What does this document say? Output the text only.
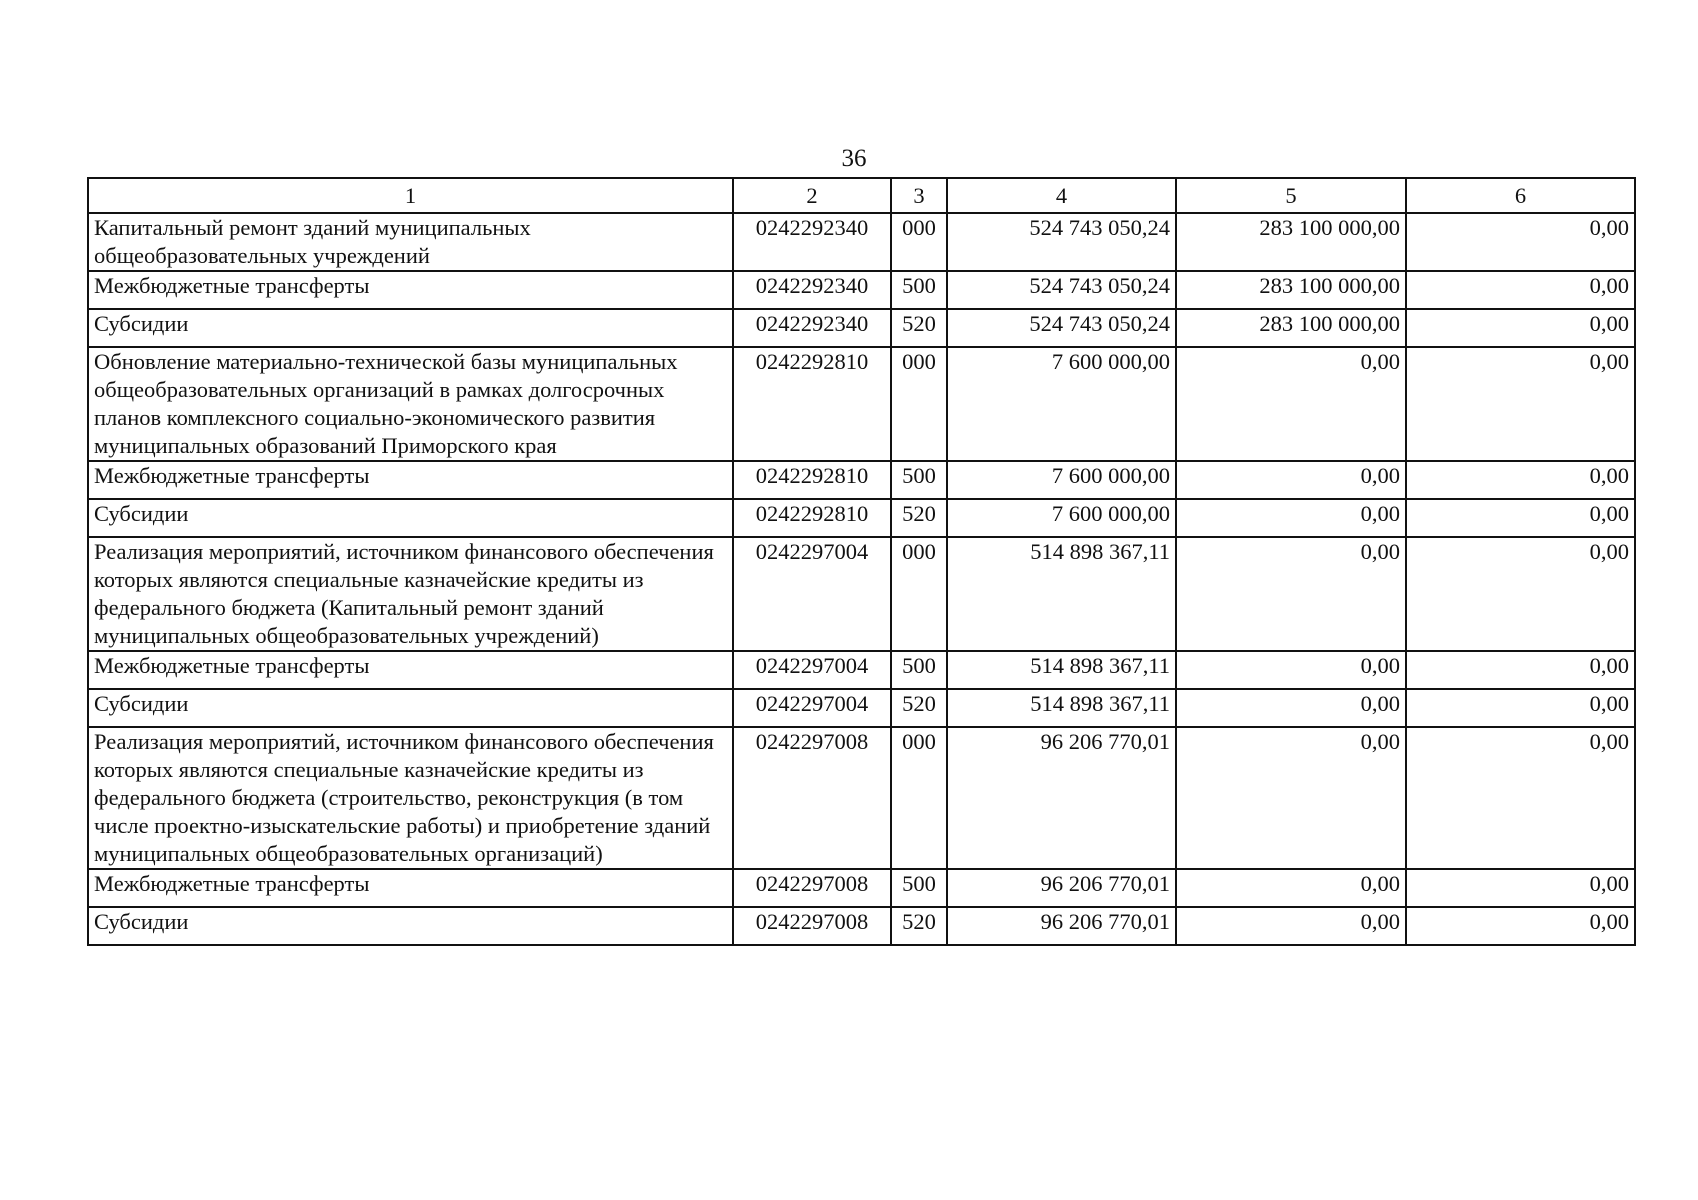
36
1	2	3	4	5	6
Капитальный ремонт зданий муниципальных общеобразовательных учреждений	0242292340	000	524 743 050,24	283 100 000,00	0,00
Межбюджетные трансферты	0242292340	500	524 743 050,24	283 100 000,00	0,00
Субсидии	0242292340	520	524 743 050,24	283 100 000,00	0,00
Обновление материально-технической базы муниципальных общеобразовательных организаций в рамках долгосрочных планов комплексного социально-экономического развития муниципальных образований Приморского края	0242292810	000	7 600 000,00	0,00	0,00
Межбюджетные трансферты	0242292810	500	7 600 000,00	0,00	0,00
Субсидии	0242292810	520	7 600 000,00	0,00	0,00
Реализация мероприятий, источником финансового обеспечения которых являются специальные казначейские кредиты из федерального бюджета (Капитальный ремонт зданий муниципальных общеобразовательных учреждений)	0242297004	000	514 898 367,11	0,00	0,00
Межбюджетные трансферты	0242297004	500	514 898 367,11	0,00	0,00
Субсидии	0242297004	520	514 898 367,11	0,00	0,00
Реализация мероприятий, источником финансового обеспечения которых являются специальные казначейские кредиты из федерального бюджета (строительство, реконструкция (в том числе проектно-изыскательские работы) и приобретение зданий муниципальных общеобразовательных организаций)	0242297008	000	96 206 770,01	0,00	0,00
Межбюджетные трансферты	0242297008	500	96 206 770,01	0,00	0,00
Субсидии	0242297008	520	96 206 770,01	0,00	0,00
